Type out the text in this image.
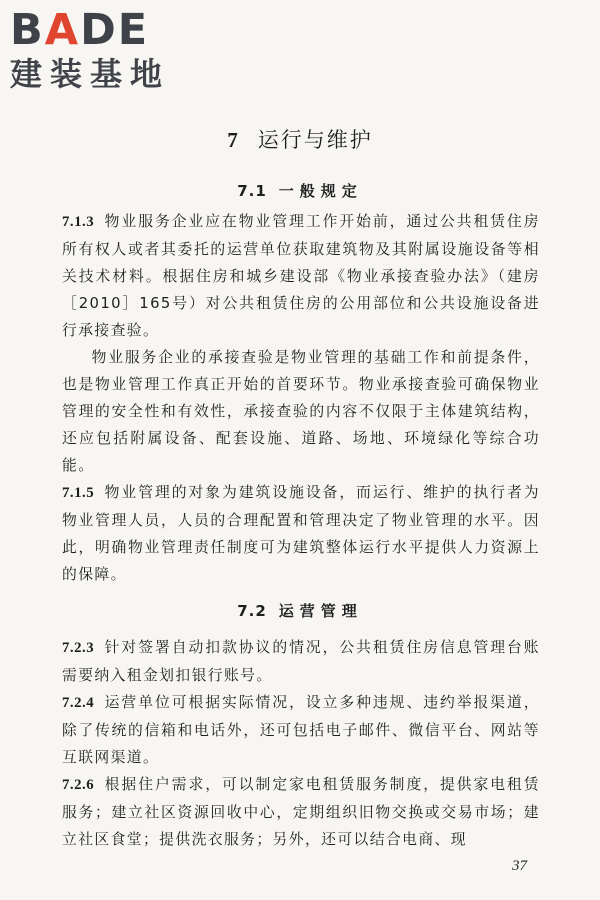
BADE
建装基地
7 运行与维护
7.1 一般规定

7.1.3 物业服务企业应在物业管理工作开始前，通过公共租赁住房所有权人或者其委托的运营单位获取建筑物及其附属设施设备等相关技术材料。根据住房和城乡建设部《物业承接查验办法》（建房［2010］165号）对公共租赁住房的公用部位和公共设施设备进行承接查验。

物业服务企业的承接查验是物业管理的基础工作和前提条件，也是物业管理工作真正开始的首要环节。物业承接查验可确保物业管理的安全性和有效性，承接查验的内容不仅限于主体建筑结构，还应包括附属设备、配套设施、道路、场地、环境绿化等综合功能。

7.1.5 物业管理的对象为建筑设施设备，而运行、维护的执行者为物业管理人员，人员的合理配置和管理决定了物业管理的水平。因此，明确物业管理责任制度可为建筑整体运行水平提供人力资源上的保障。

7.2 运营管理

7.2.3 针对签署自动扣款协议的情况，公共租赁住房信息管理台账需要纳入租金划扣银行账号。

7.2.4 运营单位可根据实际情况，设立多种违规、违约举报渠道，除了传统的信箱和电话外，还可包括电子邮件、微信平台、网站等互联网渠道。

7.2.6 根据住户需求，可以制定家电租赁服务制度，提供家电租赁服务；建立社区资源回收中心，定期组织旧物交换或交易市场；建立社区食堂；提供洗衣服务；另外，还可以结合电商、现

37
